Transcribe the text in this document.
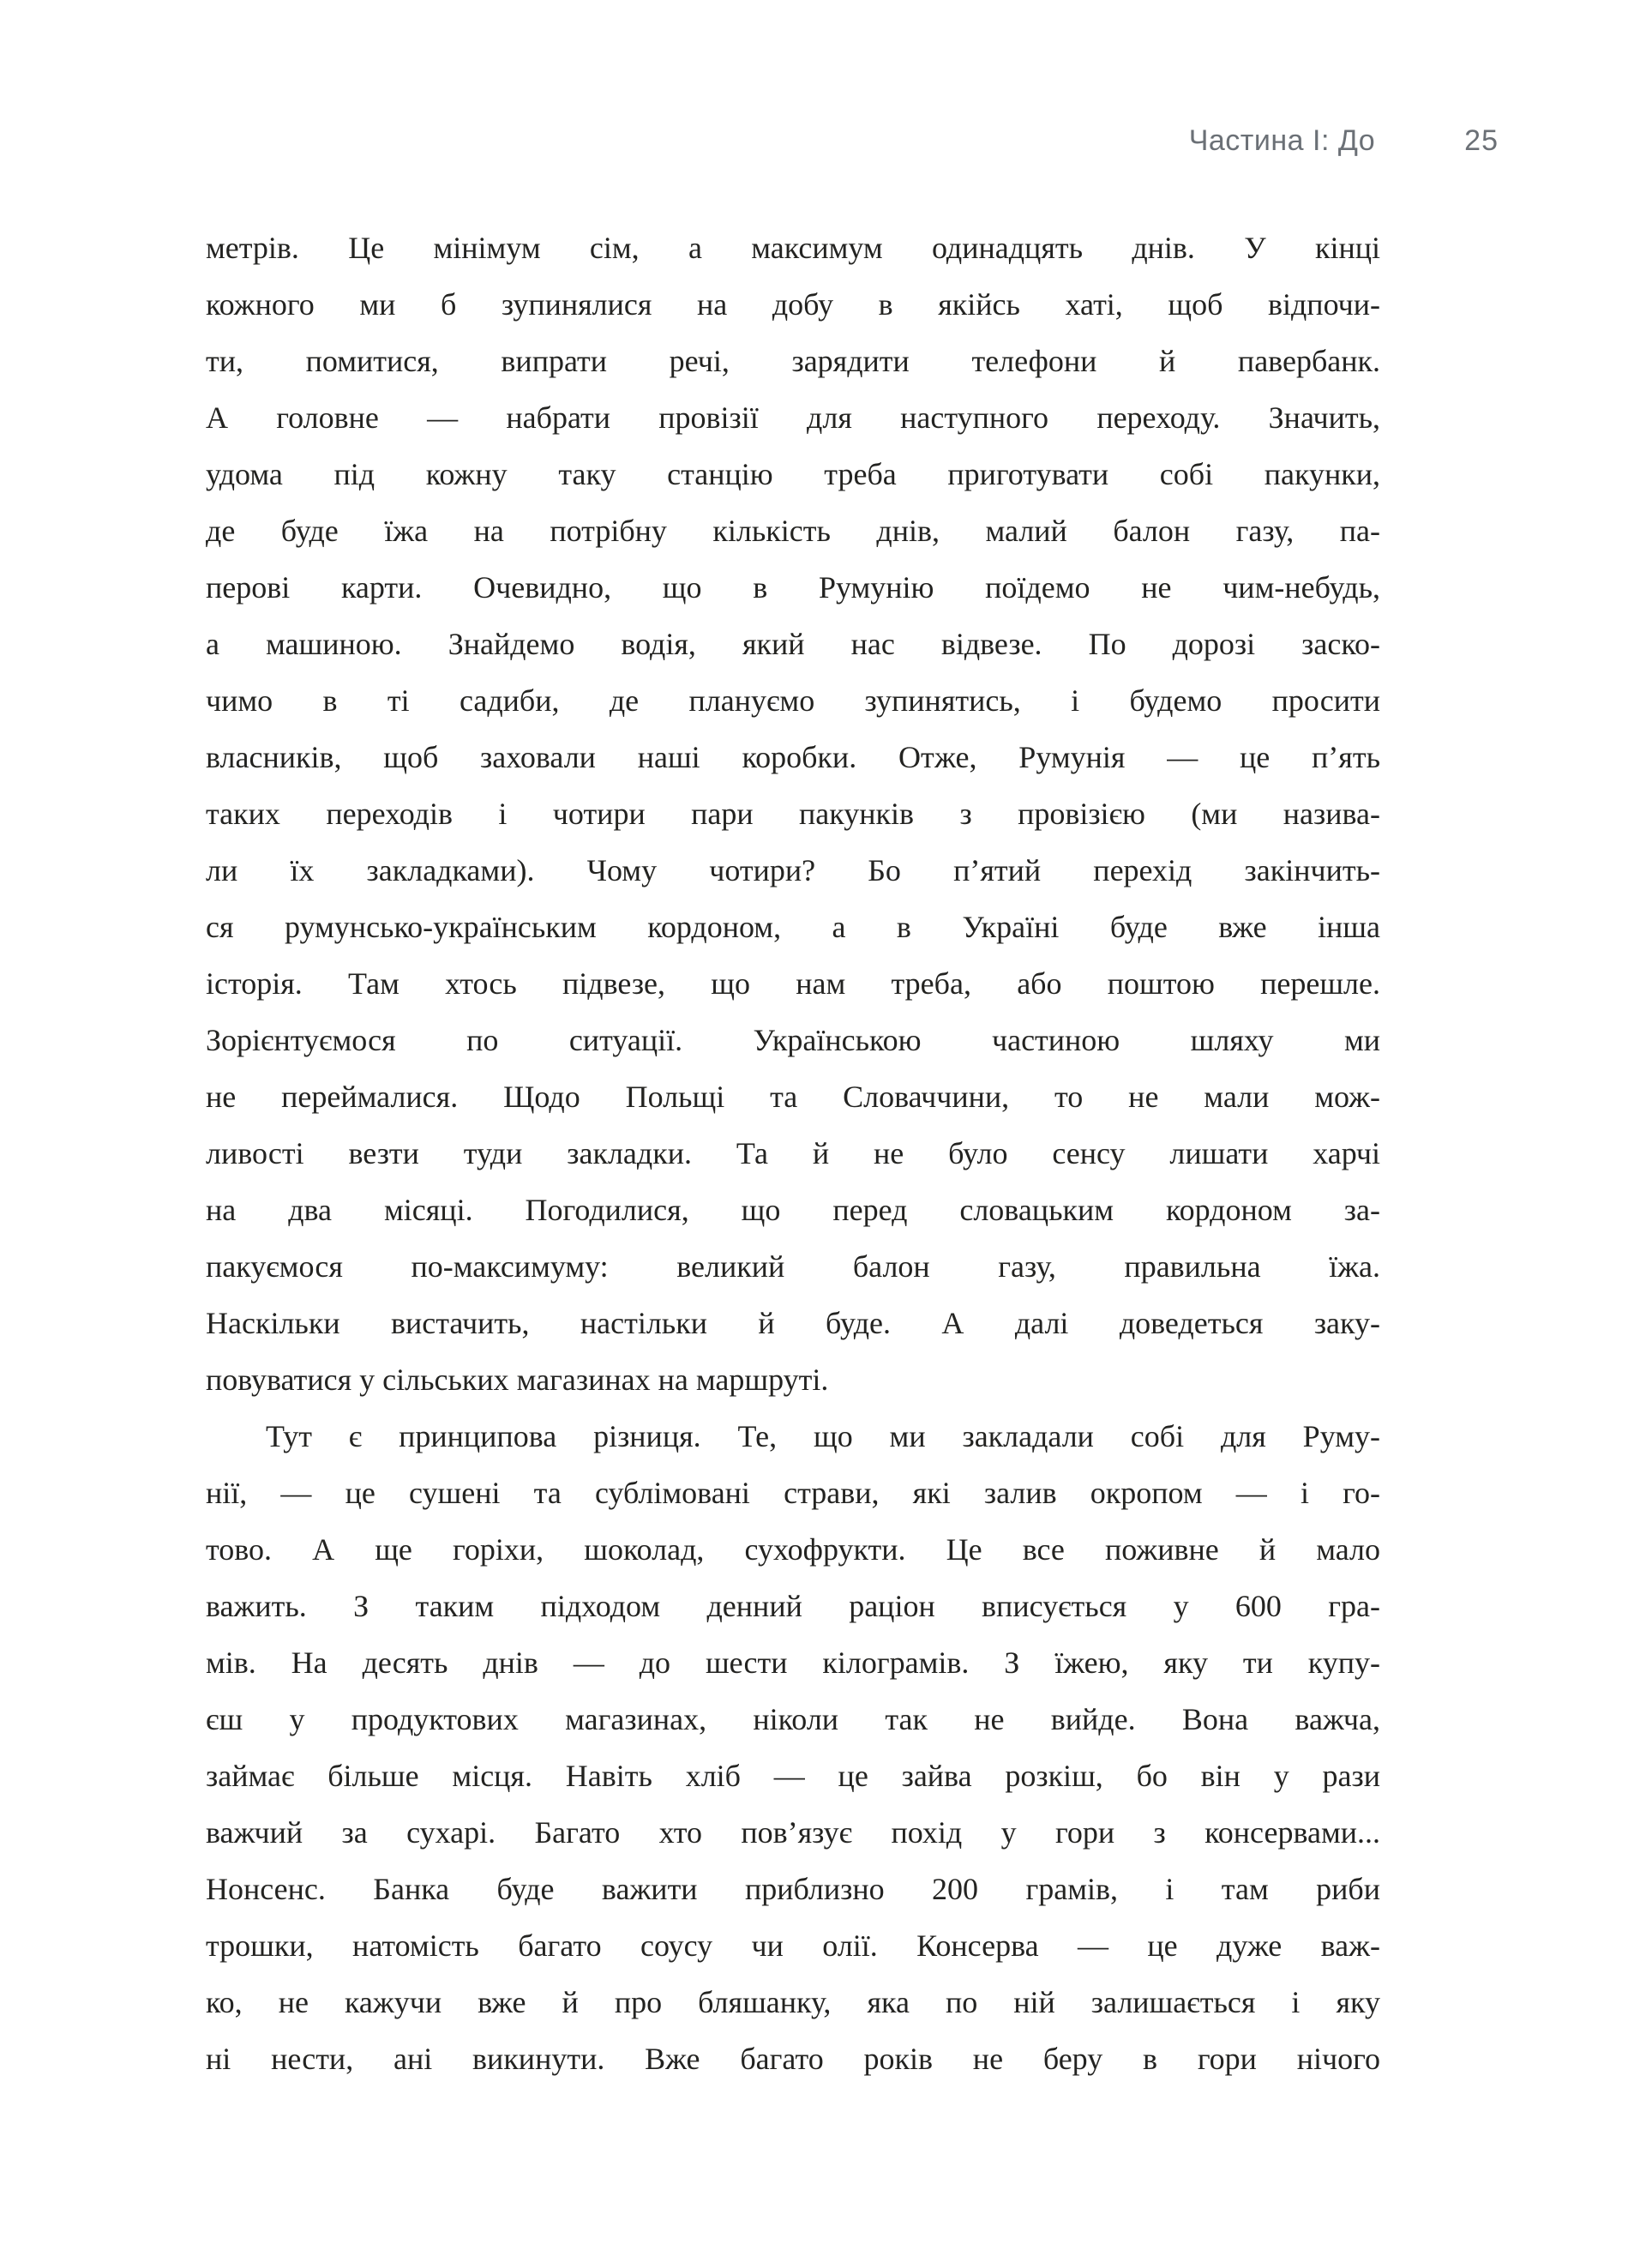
Частина І: До	25
метрів. Це мінімум сім, а максимум одинадцять днів. У кінці
кожного ми б зупинялися на добу в якійсь хаті, щоб відпочи-
ти, помитися, випрати речі, зарядити телефони й павербанк.
А головне — набрати провізії для наступного переходу. Значить,
удома під кожну таку станцію треба приготувати собі пакунки,
де буде їжа на потрібну кількість днів, малий балон газу, па-
перові карти. Очевидно, що в Румунію поїдемо не чим-небудь,
а машиною. Знайдемо водія, який нас відвезе. По дорозі заско-
чимо в ті садиби, де плануємо зупинятись, і будемо просити
власників, щоб заховали наші коробки. Отже, Румунія — це п’ять
таких переходів і чотири пари пакунків з провізією (ми назива-
ли їх закладками). Чому чотири? Бо п’ятий перехід закінчить-
ся румунсько-українським кордоном, а в Україні буде вже інша
історія. Там хтось підвезе, що нам треба, або поштою перешле.
Зорієнтуємося по ситуації. Українською частиною шляху ми
не переймалися. Щодо Польщі та Словаччини, то не мали мож-
ливості везти туди закладки. Та й не було сенсу лишати харчі
на два місяці. Погодилися, що перед словацьким кордоном за-
пакуємося по-максимуму: великий балон газу, правильна їжа.
Наскільки вистачить, настільки й буде. А далі доведеться заку-
повуватися у сільських магазинах на маршруті.
Тут є принципова різниця. Те, що ми закладали собі для Руму-
нії, — це сушені та сублімовані страви, які залив окропом — і го-
тово. А ще горіхи, шоколад, сухофрукти. Це все поживне й мало
важить. З таким підходом денний раціон вписується у 600 гра-
мів. На десять днів — до шести кілограмів. З їжею, яку ти купу-
єш у продуктових магазинах, ніколи так не вийде. Вона важча,
займає більше місця. Навіть хліб — це зайва розкіш, бо він у рази
важчий за сухарі. Багато хто пов’язує похід у гори з консервами...
Нонсенс. Банка буде важити приблизно 200 грамів, і там риби
трошки, натомість багато соусу чи олії. Консерва — це дуже важ-
ко, не кажучи вже й про бляшанку, яка по ній залишається і яку
ні нести, ані викинути. Вже багато років не беру в гори нічого
